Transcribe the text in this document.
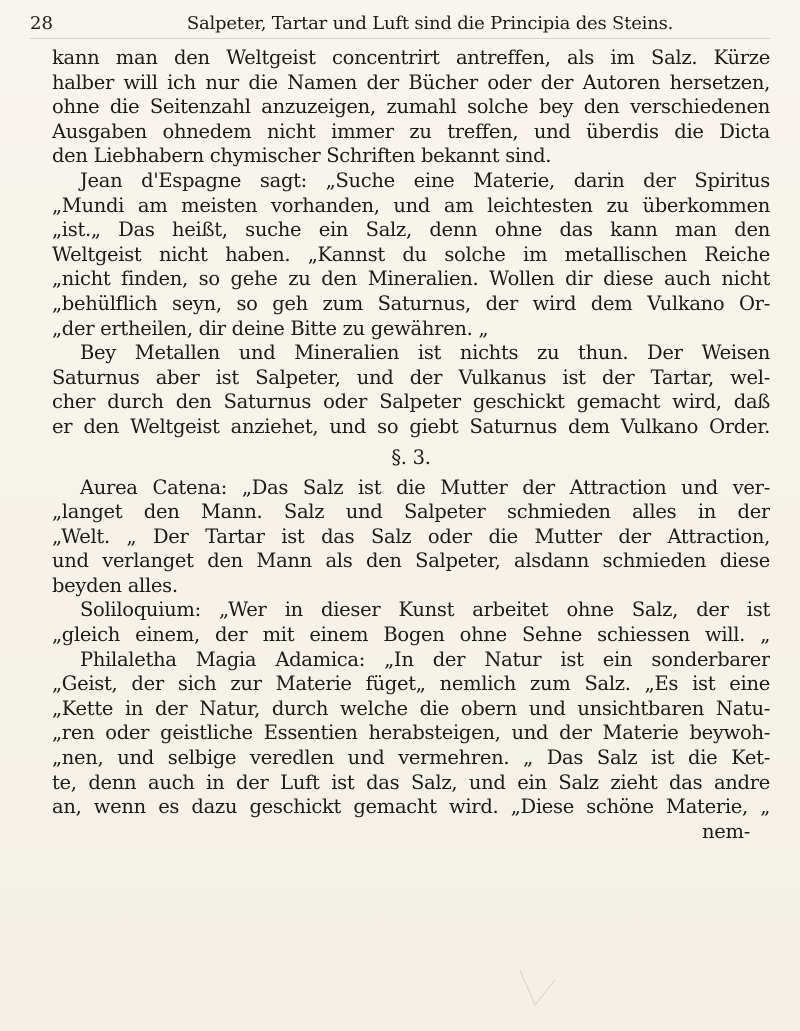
28	Salpeter, Tartar und Luft sind die Principia des Steins.
kann man den Weltgeist concentrirt antreffen, als im Salz. Kürze
halber will ich nur die Namen der Bücher oder der Autoren hersetzen,
ohne die Seitenzahl anzuzeigen, zumahl solche bey den verschiedenen
Ausgaben ohnedem nicht immer zu treffen, und überdis die Dicta
den Liebhabern chymischer Schriften bekannt sind.
Jean d'Espagne sagt: „Suche eine Materie, darin der Spiritus
„Mundi am meisten vorhanden, und am leichtesten zu überkommen
„ist.„ Das heißt, suche ein Salz, denn ohne das kann man den
Weltgeist nicht haben. „Kannst du solche im metallischen Reiche
„nicht finden, so gehe zu den Mineralien. Wollen dir diese auch nicht
„behülflich seyn, so geh zum Saturnus, der wird dem Vulkano Or-
„der ertheilen, dir deine Bitte zu gewähren. „
Bey Metallen und Mineralien ist nichts zu thun. Der Weisen
Saturnus aber ist Salpeter, und der Vulkanus ist der Tartar, wel-
cher durch den Saturnus oder Salpeter geschickt gemacht wird, daß
er den Weltgeist anziehet, und so giebt Saturnus dem Vulkano Order.
§. 3.
Aurea Catena: „Das Salz ist die Mutter der Attraction und ver-
„langet den Mann. Salz und Salpeter schmieden alles in der
„Welt. „ Der Tartar ist das Salz oder die Mutter der Attraction,
und verlanget den Mann als den Salpeter, alsdann schmieden diese
beyden alles.
Soliloquium: „Wer in dieser Kunst arbeitet ohne Salz, der ist
„gleich einem, der mit einem Bogen ohne Sehne schiessen will. „
Philaletha Magia Adamica: „In der Natur ist ein sonderbarer
„Geist, der sich zur Materie füget„ nemlich zum Salz. „Es ist eine
„Kette in der Natur, durch welche die obern und unsichtbaren Natu-
„ren oder geistliche Essentien herabsteigen, und der Materie beywoh-
„nen, und selbige veredlen und vermehren. „ Das Salz ist die Ket-
te, denn auch in der Luft ist das Salz, und ein Salz zieht das andre
an, wenn es dazu geschickt gemacht wird. „Diese schöne Materie, „
nem-
